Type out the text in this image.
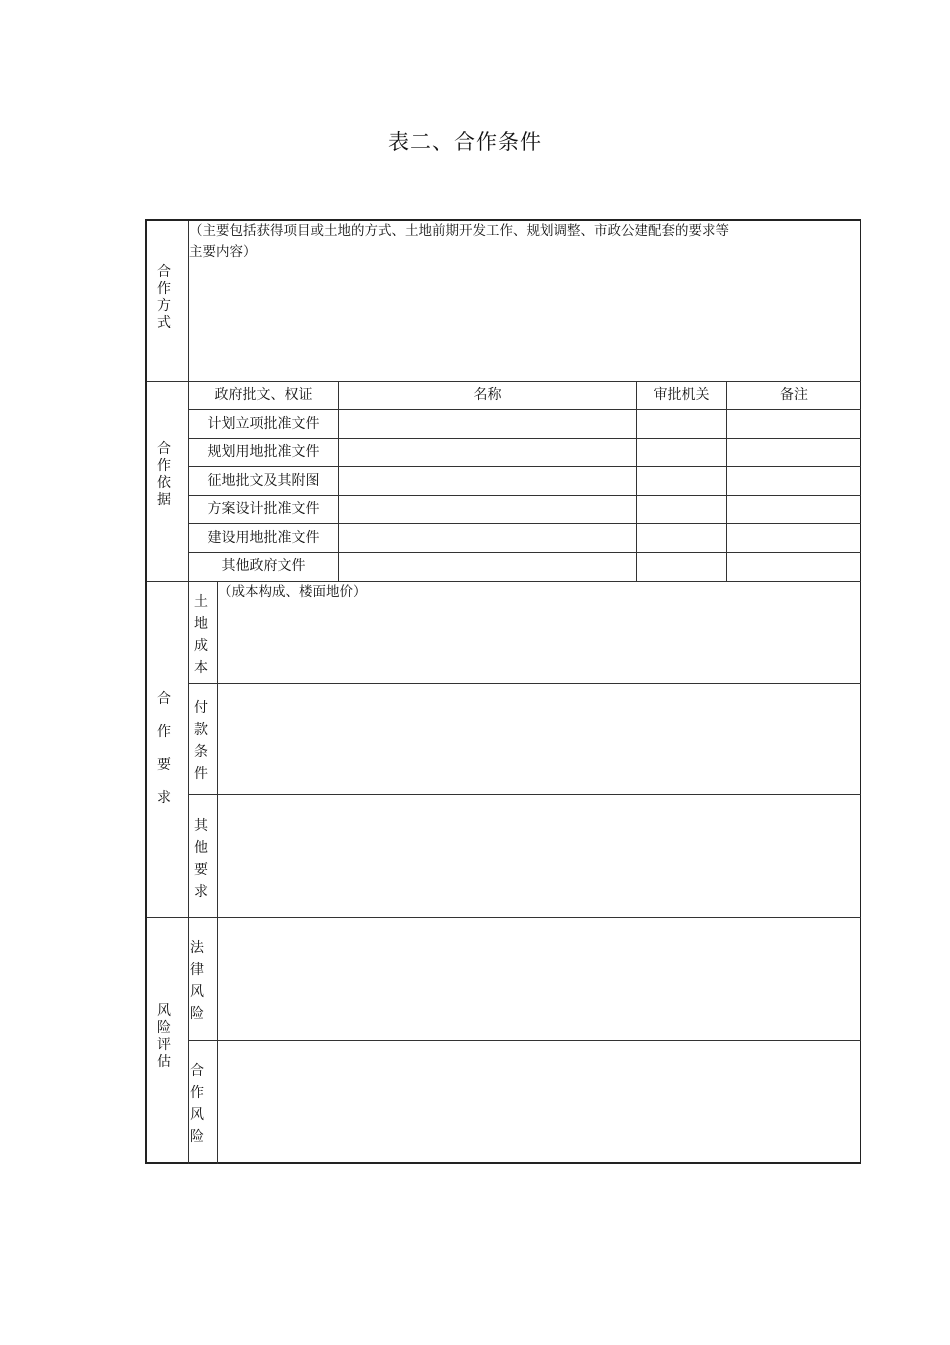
表二、合作条件
合作方式
（主要包括获得项目或土地的方式、土地前期开发工作、规划调整、市政公建配套的要求等
主要内容）
合作依据
政府批文、权证	名称	审批机关	备注
计划立项批准文件
规划用地批准文件
征地批文及其附图
方案设计批准文件
建设用地批准文件
其他政府文件
合作要求
土地成本
（成本构成、楼面地价）
付款条件
其他要求
风险评估
法律风险
合作风险
